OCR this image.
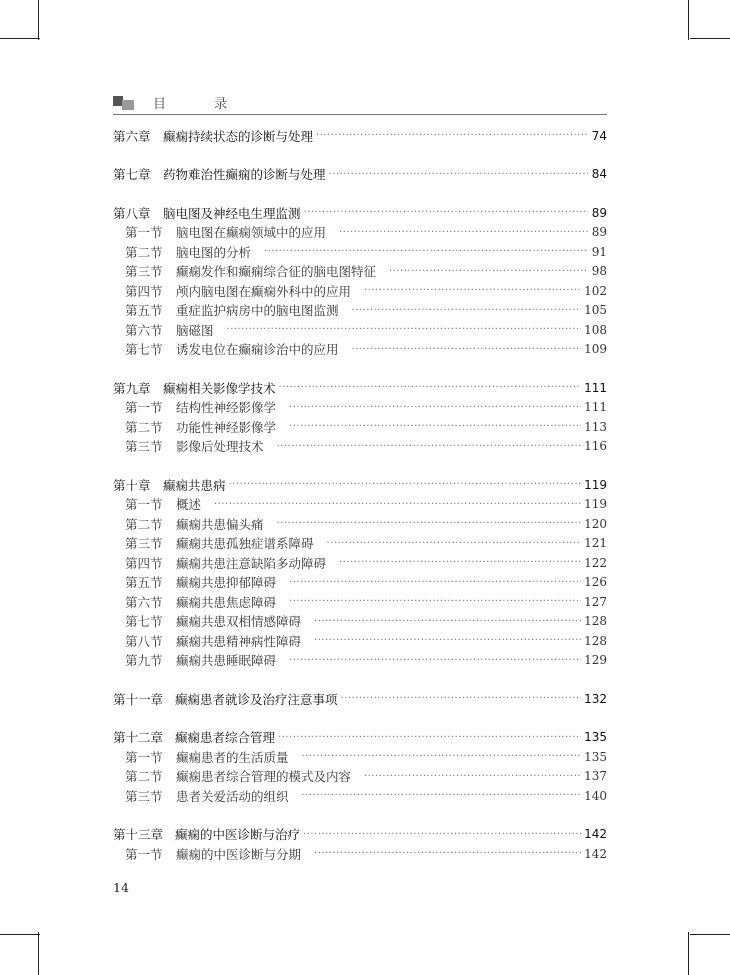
目 录
第六章 癫痫持续状态的诊断与处理 ·····	74
第七章 药物难治性癫痫的诊断与处理 ·····	84
第八章 脑电图及神经电生理监测 ·····	89
第一节	脑电图在癫痫领域中的应用 ·····	89
第二节	脑电图的分析 ·····	91
第三节	癫痫发作和癫痫综合征的脑电图特征 ·····	98
第四节	颅内脑电图在癫痫外科中的应用 ·····	102
第五节	重症监护病房中的脑电图监测 ·····	105
第六节	脑磁图 ·····	108
第七节	诱发电位在癫痫诊治中的应用 ·····	109
第九章 癫痫相关影像学技术 ·····	111
第一节	结构性神经影像学 ·····	111
第二节	功能性神经影像学 ·····	113
第三节	影像后处理技术 ·····	116
第十章 癫痫共患病 ·····	119
第一节	概述 ·····	119
第二节	癫痫共患偏头痛 ·····	120
第三节	癫痫共患孤独症谱系障碍 ·····	121
第四节	癫痫共患注意缺陷多动障碍 ·····	122
第五节	癫痫共患抑郁障碍 ·····	126
第六节	癫痫共患焦虑障碍 ·····	127
第七节	癫痫共患双相情感障碍 ·····	128
第八节	癫痫共患精神病性障碍 ·····	128
第九节	癫痫共患睡眠障碍 ·····	129
第十一章 癫痫患者就诊及治疗注意事项 ·····	132
第十二章 癫痫患者综合管理 ·····	135
第一节	癫痫患者的生活质量 ·····	135
第二节	癫痫患者综合管理的模式及内容 ·····	137
第三节	患者关爱活动的组织 ·····	140
第十三章 癫痫的中医诊断与治疗 ·····	142
第一节	癫痫的中医诊断与分期 ·····	142
14
